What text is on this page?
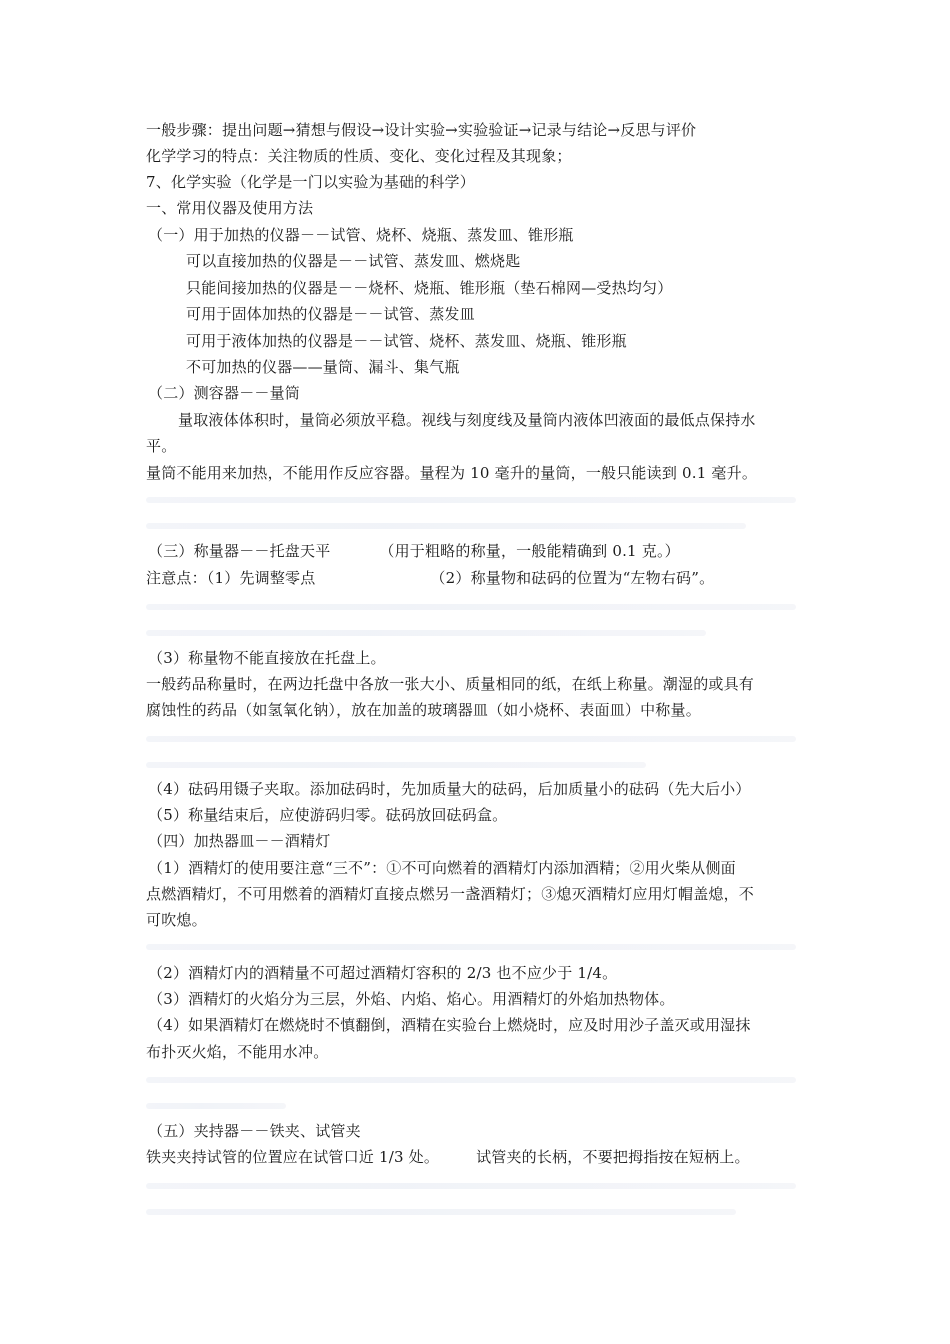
一般步骤：提出问题→猜想与假设→设计实验→实验验证→记录与结论→反思与评价
化学学习的特点：关注物质的性质、变化、变化过程及其现象；
7、化学实验（化学是一门以实验为基础的科学）
一、常用仪器及使用方法
（一）用于加热的仪器－－试管、烧杯、烧瓶、蒸发皿、锥形瓶
可以直接加热的仪器是－－试管、蒸发皿、燃烧匙
只能间接加热的仪器是－－烧杯、烧瓶、锥形瓶（垫石棉网—受热均匀）
可用于固体加热的仪器是－－试管、蒸发皿
可用于液体加热的仪器是－－试管、烧杯、蒸发皿、烧瓶、锥形瓶
不可加热的仪器——量筒、漏斗、集气瓶
（二）测容器－－量筒
量取液体体积时，量筒必须放平稳。视线与刻度线及量筒内液体凹液面的最低点保持水
平。
量筒不能用来加热，不能用作反应容器。量程为 10 毫升的量筒，一般只能读到 0.1 毫升。
（三）称量器－－托盘天平	（用于粗略的称量，一般能精确到 0.1 克。）
注意点：（1）先调整零点	（2）称量物和砝码的位置为“左物右码”。
（3）称量物不能直接放在托盘上。
一般药品称量时，在两边托盘中各放一张大小、质量相同的纸，在纸上称量。潮湿的或具有
腐蚀性的药品（如氢氧化钠），放在加盖的玻璃器皿（如小烧杯、表面皿）中称量。
（4）砝码用镊子夹取。添加砝码时，先加质量大的砝码，后加质量小的砝码（先大后小）
（5）称量结束后，应使游码归零。砝码放回砝码盒。
（四）加热器皿－－酒精灯
（1）酒精灯的使用要注意“三不”：①不可向燃着的酒精灯内添加酒精；②用火柴从侧面
点燃酒精灯，不可用燃着的酒精灯直接点燃另一盏酒精灯；③熄灭酒精灯应用灯帽盖熄，不
可吹熄。
（2）酒精灯内的酒精量不可超过酒精灯容积的 2/3 也不应少于 1/4。
（3）酒精灯的火焰分为三层，外焰、内焰、焰心。用酒精灯的外焰加热物体。
（4）如果酒精灯在燃烧时不慎翻倒，酒精在实验台上燃烧时，应及时用沙子盖灭或用湿抹
布扑灭火焰，不能用水冲。
（五）夹持器－－铁夹、试管夹
铁夹夹持试管的位置应在试管口近 1/3 处。 试管夹的长柄，不要把拇指按在短柄上。
